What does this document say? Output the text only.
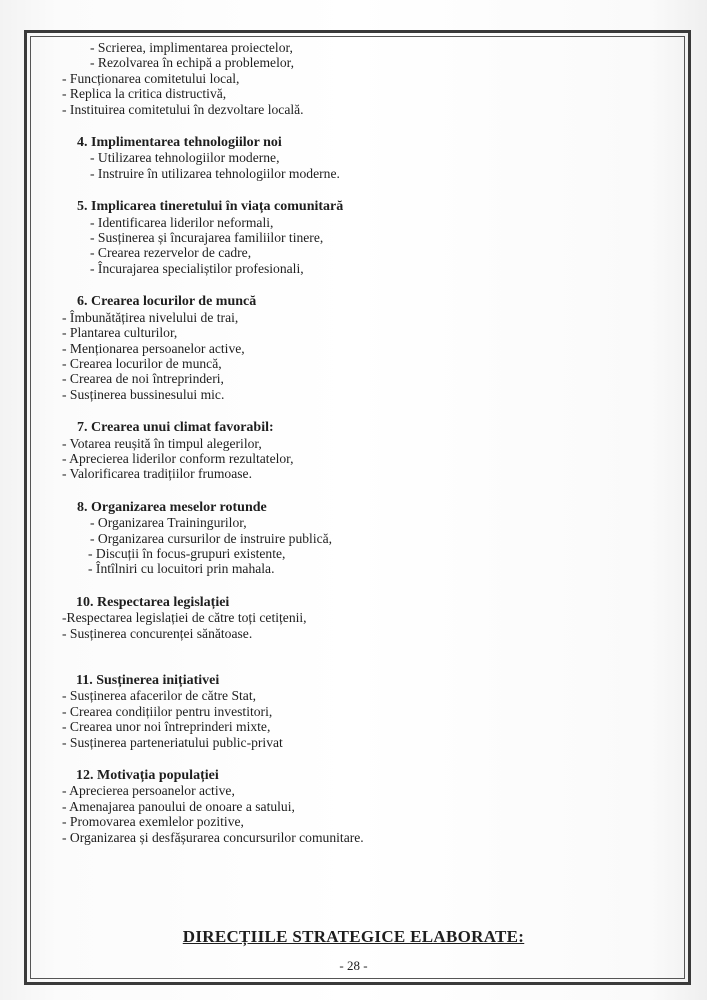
- Scrierea, implimentarea proiectelor,
- Rezolvarea în echipă a problemelor,
- Funcționarea comitetului local,
- Replica la critica distructivă,
- Instituirea comitetului în dezvoltare locală.
4. Implimentarea tehnologiilor noi
- Utilizarea tehnologiilor moderne,
- Instruire în utilizarea tehnologiilor moderne.
5. Implicarea tineretului în viața comunitară
- Identificarea liderilor neformali,
- Susținerea și încurajarea familiilor tinere,
- Crearea rezervelor de cadre,
- Încurajarea specialiștilor profesionali,
6. Crearea locurilor de muncă
- Îmbunătățirea nivelului de trai,
- Plantarea culturilor,
- Menționarea persoanelor active,
- Crearea locurilor de muncă,
- Crearea de noi întreprinderi,
- Susținerea bussinesului mic.
7. Crearea unui climat favorabil:
- Votarea reușită în timpul alegerilor,
- Aprecierea liderilor conform rezultatelor,
- Valorificarea tradițiilor frumoase.
8. Organizarea meselor rotunde
- Organizarea Trainingurilor,
- Organizarea cursurilor de instruire publică,
- Discuții în focus-grupuri existente,
- Întîlniri cu locuitori prin mahala.
10. Respectarea legislației
-Respectarea legislației de către toți cetițenii,
- Susținerea concurenței sănătoase.
11. Susținerea inițiativei
- Susținerea afacerilor de către Stat,
- Crearea condițiilor pentru investitori,
- Crearea unor noi întreprinderi mixte,
- Susținerea parteneriatului public-privat
12. Motivația populației
- Aprecierea persoanelor active,
- Amenajarea panoului de onoare a satului,
- Promovarea exemlelor pozitive,
- Organizarea și desfășurarea concursurilor comunitare.
DIRECȚIILE STRATEGICE ELABORATE:
- 28 -
